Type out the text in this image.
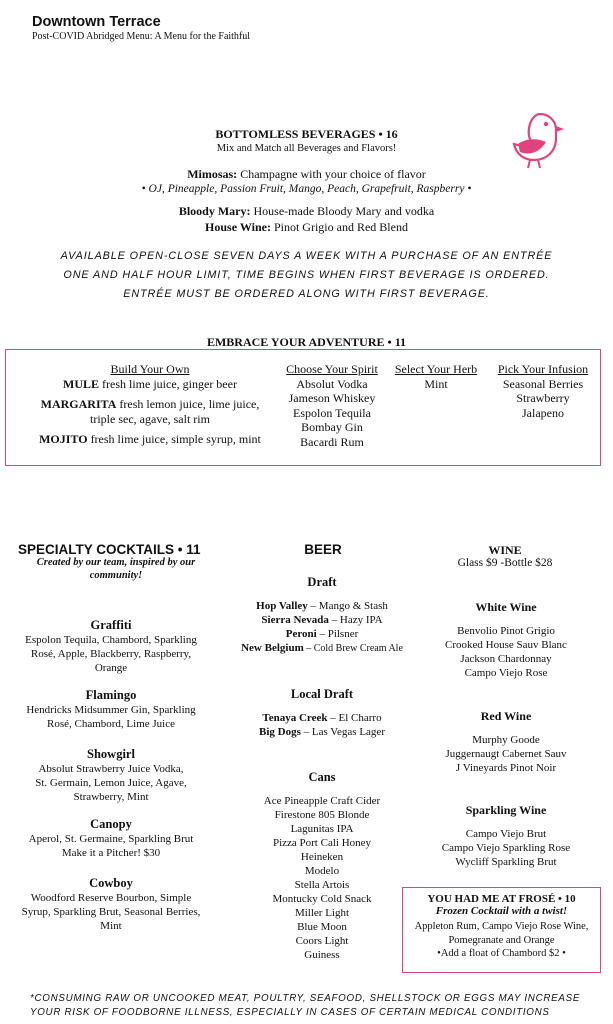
Downtown Terrace
Post-COVID Abridged Menu: A Menu for the Faithful
BOTTOMLESS BEVERAGES • 16
Mix and Match all Beverages and Flavors!
Mimosas: Champagne with your choice of flavor
• OJ, Pineapple, Passion Fruit, Mango, Peach, Grapefruit, Raspberry •
Bloody Mary: House-made Bloody Mary and vodka
House Wine: Pinot Grigio and Red Blend
AVAILABLE OPEN-CLOSE SEVEN DAYS A WEEK WITH A PURCHASE OF AN ENTRÉE
ONE AND HALF HOUR LIMIT, TIME BEGINS WHEN FIRST BEVERAGE IS ORDERED.
ENTRÉE MUST BE ORDERED ALONG WITH FIRST BEVERAGE.
EMBRACE YOUR ADVENTURE • 11
Build Your Own
MULE fresh lime juice, ginger beer
MARGARITA fresh lemon juice, lime juice,
triple sec, agave, salt rim
MOJITO fresh lime juice, simple syrup, mint
Choose Your Spirit
Absolut Vodka
Jameson Whiskey
Espolon Tequila
Bombay Gin
Bacardi Rum
Select Your Herb
Mint
Pick Your Infusion
Seasonal Berries
Strawberry
Jalapeno
SPECIALTY COCKTAILS • 11
Created by our team, inspired by our community!
Graffiti
Espolon Tequila, Chambord, Sparkling
Rosé, Apple, Blackberry, Raspberry,
Orange
Flamingo
Hendricks Midsummer Gin, Sparkling
Rosé, Chambord, Lime Juice
Showgirl
Absolut Strawberry Juice Vodka,
St. Germain, Lemon Juice, Agave,
Strawberry, Mint
Canopy
Aperol, St. Germaine, Sparkling Brut
Make it a Pitcher! $30
Cowboy
Woodford Reserve Bourbon, Simple
Syrup, Sparkling Brut, Seasonal Berries,
Mint
BEER
Draft
Hop Valley – Mango & Stash
Sierra Nevada – Hazy IPA
Peroni – Pilsner
New Belgium – Cold Brew Cream Ale
Local Draft
Tenaya Creek – El Charro
Big Dogs – Las Vegas Lager
Cans
Ace Pineapple Craft Cider
Firestone 805 Blonde
Lagunitas IPA
Pizza Port Cali Honey
Heineken
Modelo
Stella Artois
Montucky Cold Snack
Miller Light
Blue Moon
Coors Light
Guiness
WINE
Glass $9 -Bottle $28
White Wine
Benvolio Pinot Grigio
Crooked House Sauv Blanc
Jackson Chardonnay
Campo Viejo Rose
Red Wine
Murphy Goode
Juggernaugt Cabernet Sauv
J Vineyards Pinot Noir
Sparkling Wine
Campo Viejo Brut
Campo Viejo Sparkling Rose
Wycliff Sparkling Brut
YOU HAD ME AT FROSÉ • 10
Frozen Cocktail with a twist!
Appleton Rum, Campo Viejo Rose Wine,
Pomegranate and Orange
•Add a float of Chambord $2 •
*CONSUMING RAW OR UNCOOKED MEAT, POULTRY, SEAFOOD, SHELLSTOCK OR EGGS MAY INCREASE
YOUR RISK OF FOODBORNE ILLNESS, ESPECIALLY IN CASES OF CERTAIN MEDICAL CONDITIONS
